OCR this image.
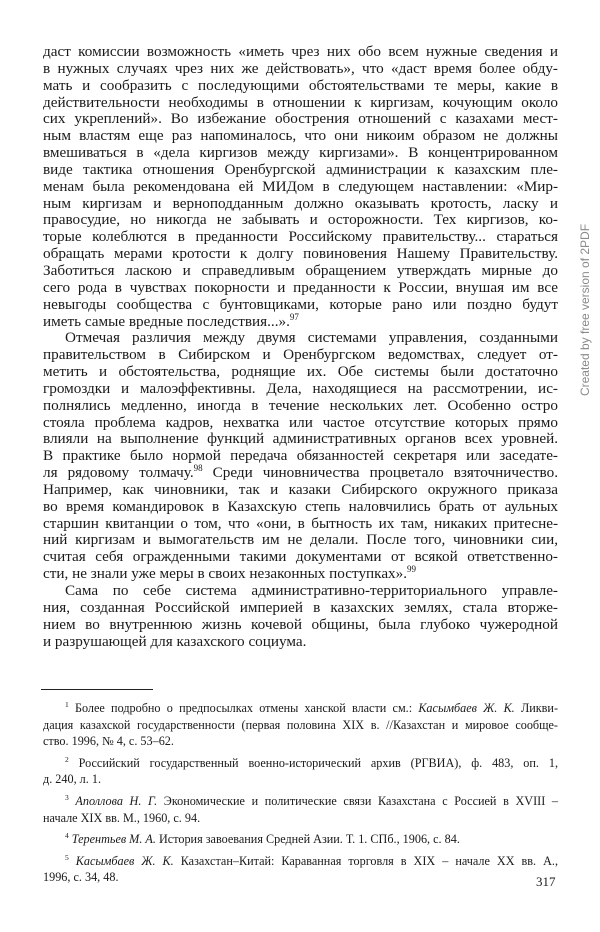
даст комиссии возможность «иметь чрез них обо всем нужные сведения и
в нужных случаях чрез них же действовать», что «даст время более обду-
мать и сообразить с последующими обстоятельствами те меры, какие в
действительности необходимы в отношении к киргизам, кочующим около
сих укреплений». Во избежание обострения отношений с казахами мест-
ным властям еще раз напоминалось, что они никоим образом не должны
вмешиваться в «дела киргизов между киргизами». В концентрированном
виде тактика отношения Оренбургской администрации к казахским пле-
менам была рекомендована ей МИДом в следующем наставлении: «Мир-
ным киргизам и верноподданным должно оказывать кротость, ласку и
правосудие, но никогда не забывать и осторожности. Тех киргизов, ко-
торые колеблются в преданности Российскому правительству... стараться
обращать мерами кротости к долгу повиновения Нашему Правительству.
Заботиться ласкою и справедливым обращением утверждать мирные до
сего рода в чувствах покорности и преданности к России, внушая им все
невыгоды сообщества с бунтовщиками, которые рано или поздно будут
иметь самые вредные последствия...».$^{97}$
Отмечая различия между двумя системами управления, созданными
правительством в Сибирском и Оренбургском ведомствах, следует от-
метить и обстоятельства, роднящие их. Обе системы были достаточно
громоздки и малоэффективны. Дела, находящиеся на рассмотрении, ис-
полнялись медленно, иногда в течение нескольких лет. Особенно остро
стояла проблема кадров, нехватка или частое отсутствие которых прямо
влияли на выполнение функций административных органов всех уровней.
В практике было нормой передача обязанностей секретаря или заседате-
ля рядовому толмачу.$^{98}$ Среди чиновничества процветало взяточничество.
Например, как чиновники, так и казаки Сибирского окружного приказа
во время командировок в Казахскую степь наловчились брать от аульных
старшин квитанции о том, что «они, в бытность их там, никаких притесне-
ний киргизам и вымогательств им не делали. После того, чиновники сии,
считая себя огражденными такими документами от всякой ответственно-
сти, не знали уже меры в своих незаконных поступках».$^{99}$
Сама по себе система административно-территориального управле-
ния, созданная Российской империей в казахских землях, стала вторже-
нием во внутреннюю жизнь кочевой общины, была глубоко чужеродной
и разрушающей для казахского социума.
$^1$ Более подробно о предпосылках отмены ханской власти см.: Касымбаев Ж. К. Ликви-
дация казахской государственности (первая половина XIX в. //Казахстан и мировое сообще-
ство. 1996, № 4, с. 53–62.
$^2$ Российский государственный военно-исторический архив (РГВИА), ф. 483, оп. 1,
д. 240, л. 1.
$^3$ Аполлова Н. Г. Экономические и политические связи Казахстана с Россией в XVIII –
начале XIX вв. М., 1960, с. 94.
$^4$ Терентьев М. А. История завоевания Средней Азии. Т. 1. СПб., 1906, с. 84.
$^5$ Касымбаев Ж. К. Казахстан–Китай: Караванная торговля в XIX – начале XX вв. А.,
1996, с. 34, 48.	317
Created by free version of 2PDF
